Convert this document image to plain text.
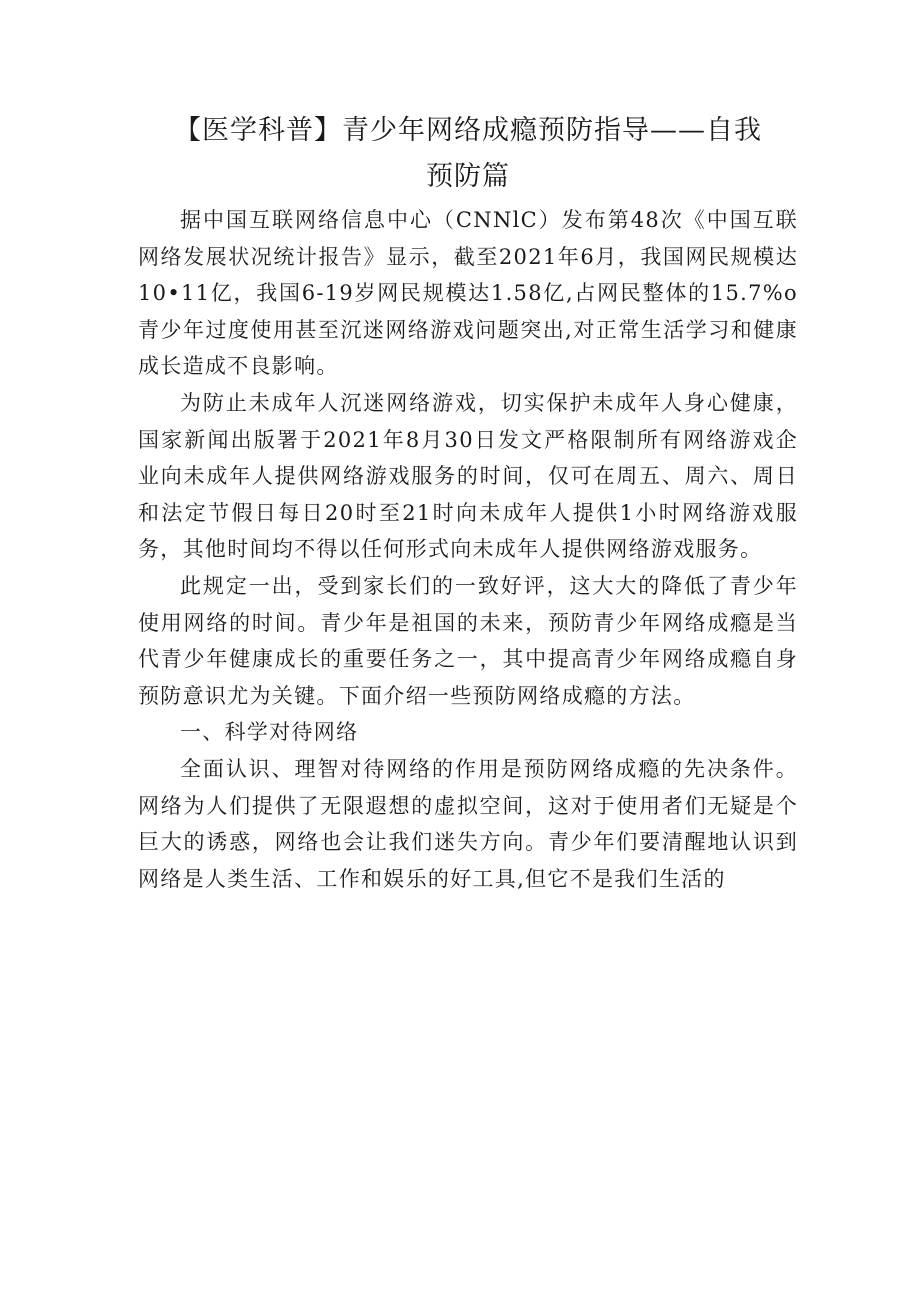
【医学科普】青少年网络成瘾预防指导——自我
预防篇

据中国互联网络信息中心（CNNlC）发布第48次《中国互联网络发展状况统计报告》显示，截至2021年6月，我国网民规模达10•11亿，我国6-19岁网民规模达1.58亿,占网民整体的15.7%o青少年过度使用甚至沉迷网络游戏问题突出,对正常生活学习和健康成长造成不良影响。

为防止未成年人沉迷网络游戏，切实保护未成年人身心健康，国家新闻出版署于2021年8月30日发文严格限制所有网络游戏企业向未成年人提供网络游戏服务的时间，仅可在周五、周六、周日和法定节假日每日20时至21时向未成年人提供1小时网络游戏服务，其他时间均不得以任何形式向未成年人提供网络游戏服务。

此规定一出，受到家长们的一致好评，这大大的降低了青少年使用网络的时间。青少年是祖国的未来，预防青少年网络成瘾是当代青少年健康成长的重要任务之一，其中提高青少年网络成瘾自身预防意识尤为关键。下面介绍一些预防网络成瘾的方法。

一、科学对待网络

全面认识、理智对待网络的作用是预防网络成瘾的先决条件。网络为人们提供了无限遐想的虚拟空间，这对于使用者们无疑是个巨大的诱惑，网络也会让我们迷失方向。青少年们要清醒地认识到网络是人类生活、工作和娱乐的好工具,但它不是我们生活的
